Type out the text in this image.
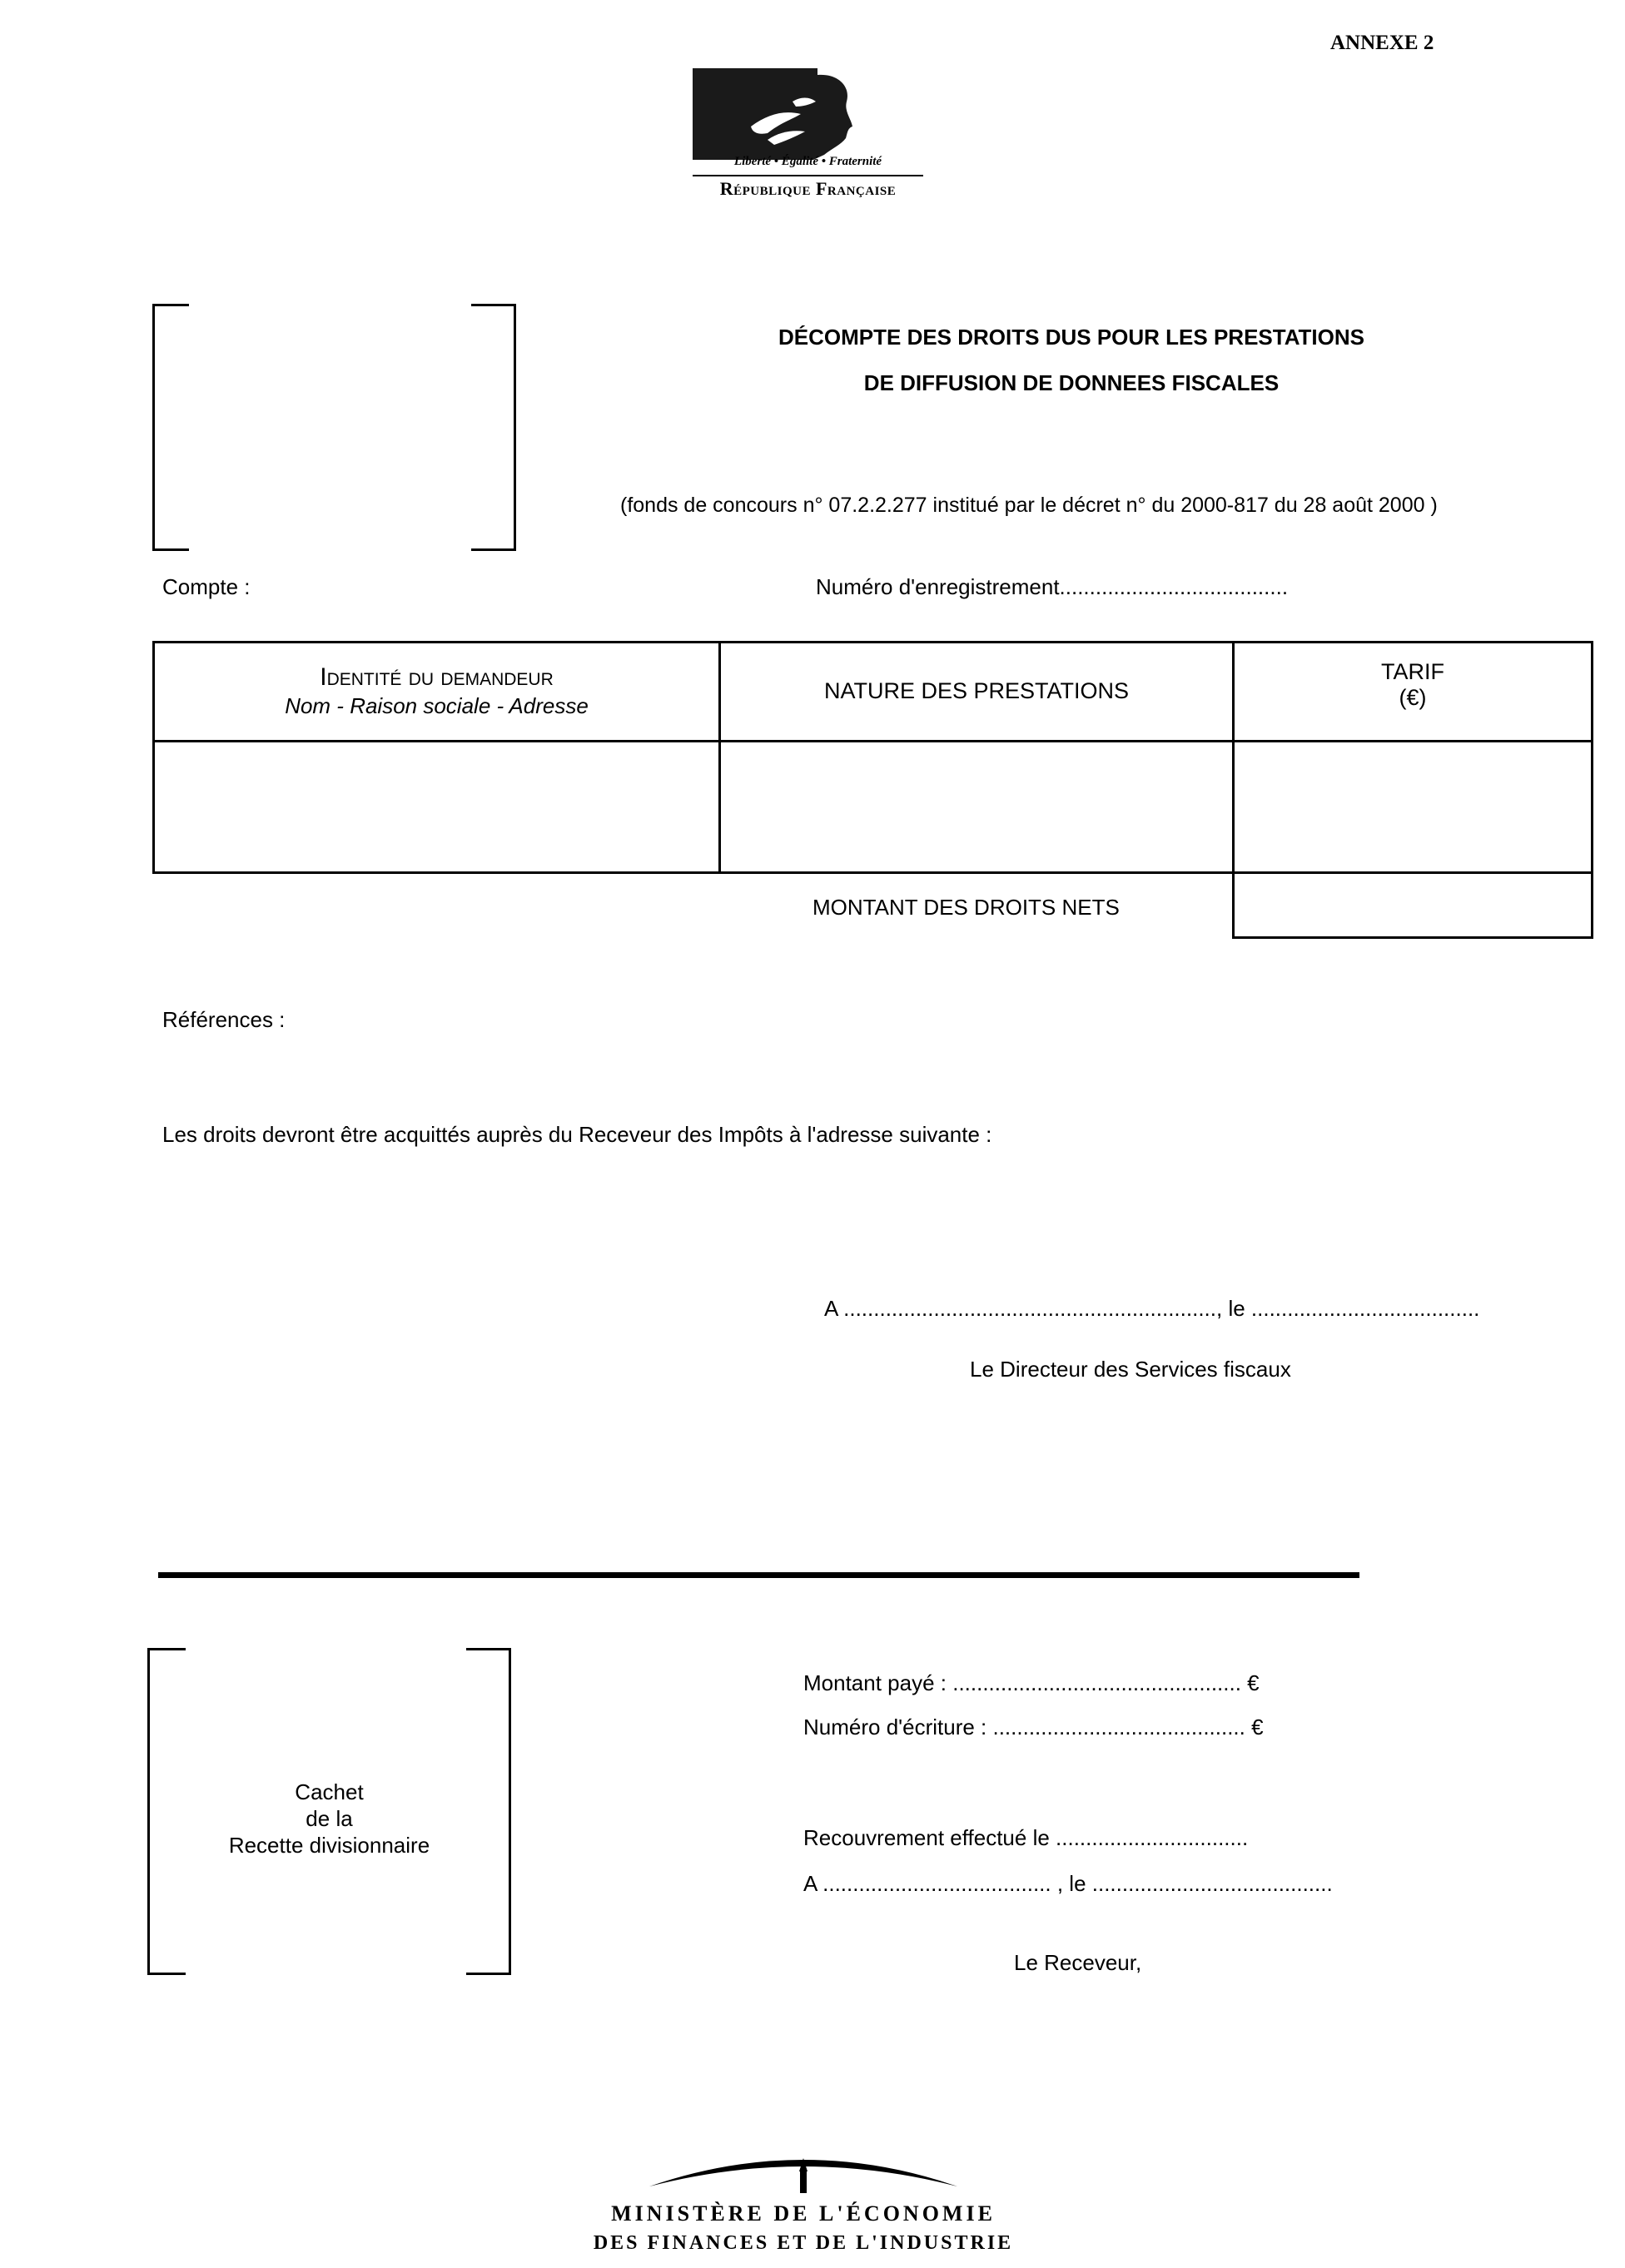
ANNEXE 2
Liberté • Égalité • Fraternité
République Française
DÉCOMPTE DES DROITS DUS POUR LES PRESTATIONS
DE DIFFUSION DE DONNEES FISCALES
(fonds de concours n° 07.2.2.277 institué par le décret n° du 2000-817 du 28 août 2000 )
Compte :	Numéro d'enregistrement......................................
Identité du demandeur
Nom - Raison sociale - Adresse
NATURE DES PRESTATIONS
TARIF
(€)
MONTANT DES DROITS NETS
Références :
Les droits devront être acquittés auprès du Receveur des Impôts à l'adresse suivante :
A .............................................................., le ......................................
Le Directeur des Services fiscaux
Cachet
de la
Recette divisionnaire
Montant payé : ................................................ €
Numéro d'écriture : .......................................... €
Recouvrement effectué le ................................
A ...................................... , le ........................................
Le Receveur,
MINISTÈRE DE L'ÉCONOMIE
DES FINANCES ET DE L'INDUSTRIE
